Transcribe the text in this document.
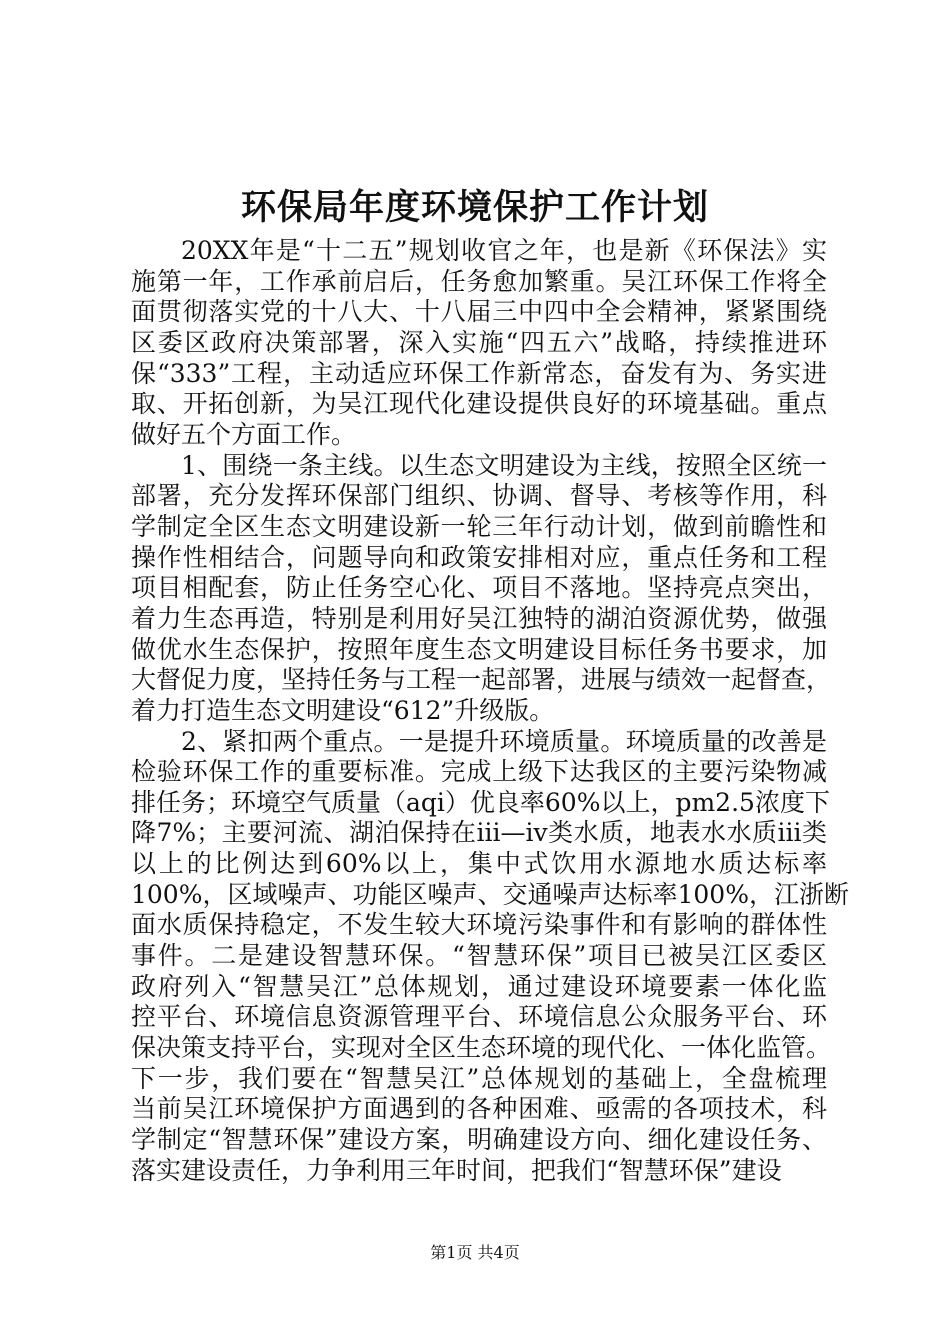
环保局年度环境保护工作计划
20XX年是“十二五”规划收官之年，也是新《环保法》实
施第一年，工作承前启后，任务愈加繁重。吴江环保工作将全
面贯彻落实党的十八大、十八届三中四中全会精神，紧紧围绕
区委区政府决策部署，深入实施“四五六”战略，持续推进环
保“333”工程，主动适应环保工作新常态，奋发有为、务实进
取、开拓创新，为吴江现代化建设提供良好的环境基础。重点
做好五个方面工作。
1、围绕一条主线。以生态文明建设为主线，按照全区统一
部署，充分发挥环保部门组织、协调、督导、考核等作用，科
学制定全区生态文明建设新一轮三年行动计划，做到前瞻性和
操作性相结合，问题导向和政策安排相对应，重点任务和工程
项目相配套，防止任务空心化、项目不落地。坚持亮点突出，
着力生态再造，特别是利用好吴江独特的湖泊资源优势，做强
做优水生态保护，按照年度生态文明建设目标任务书要求，加
大督促力度，坚持任务与工程一起部署，进展与绩效一起督查，
着力打造生态文明建设“612”升级版。
2、紧扣两个重点。一是提升环境质量。环境质量的改善是
检验环保工作的重要标准。完成上级下达我区的主要污染物减
排任务；环境空气质量（aqi）优良率60%以上，pm2.5浓度下
降7%；主要河流、湖泊保持在iii—iv类水质，地表水水质iii类
以上的比例达到60%以上，集中式饮用水源地水质达标率
100%，区域噪声、功能区噪声、交通噪声达标率100%，江浙断
面水质保持稳定，不发生较大环境污染事件和有影响的群体性
事件。二是建设智慧环保。“智慧环保”项目已被吴江区委区
政府列入“智慧吴江”总体规划，通过建设环境要素一体化监
控平台、环境信息资源管理平台、环境信息公众服务平台、环
保决策支持平台，实现对全区生态环境的现代化、一体化监管。
下一步，我们要在“智慧吴江”总体规划的基础上，全盘梳理
当前吴江环境保护方面遇到的各种困难、亟需的各项技术，科
学制定“智慧环保”建设方案，明确建设方向、细化建设任务、
落实建设责任，力争利用三年时间，把我们“智慧环保”建设
第1页 共4页
